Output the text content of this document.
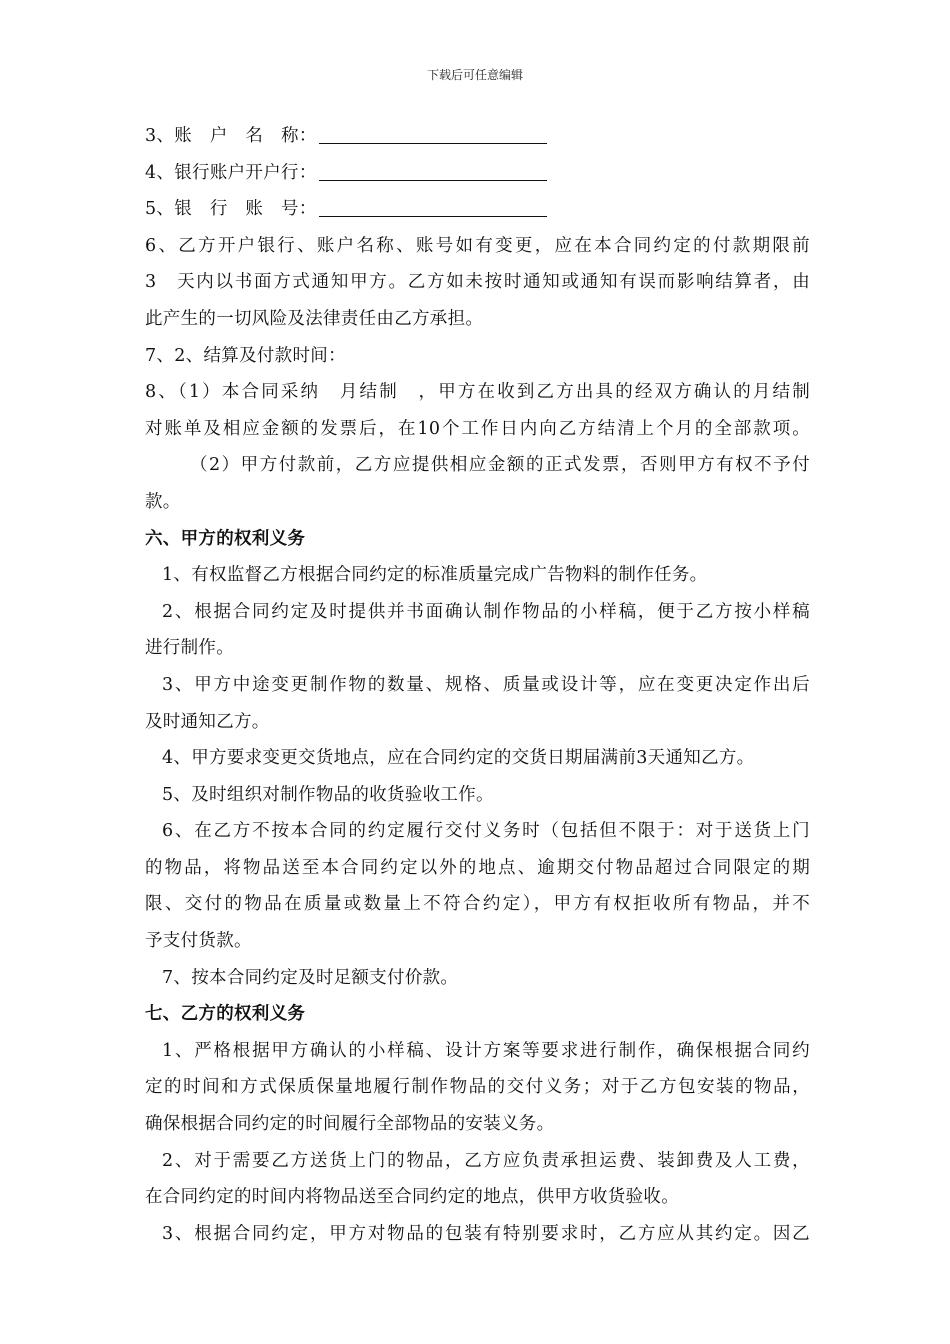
下载后可任意编辑
3、账　户　名　称：
4、银行账户开户行：
5、银　行　账　号：
6、乙方开户银行、账户名称、账号如有变更，应在本合同约定的付款期限前
3　天内以书面方式通知甲方。乙方如未按时通知或通知有误而影响结算者，由
此产生的一切风险及法律责任由乙方承担。
7、2、结算及付款时间：
8、（1）本合同采纳　月结制　，甲方在收到乙方出具的经双方确认的月结制
对账单及相应金额的发票后，在10个工作日内向乙方结清上个月的全部款项。
（2）甲方付款前，乙方应提供相应金额的正式发票，否则甲方有权不予付
款。
六、甲方的权利义务
1、有权监督乙方根据合同约定的标准质量完成广告物料的制作任务。
2、根据合同约定及时提供并书面确认制作物品的小样稿，便于乙方按小样稿
进行制作。
3、甲方中途变更制作物的数量、规格、质量或设计等，应在变更决定作出后
及时通知乙方。
4、甲方要求变更交货地点，应在合同约定的交货日期届满前3天通知乙方。
5、及时组织对制作物品的收货验收工作。
6、在乙方不按本合同的约定履行交付义务时（包括但不限于：对于送货上门
的物品，将物品送至本合同约定以外的地点、逾期交付物品超过合同限定的期
限、交付的物品在质量或数量上不符合约定），甲方有权拒收所有物品，并不
予支付货款。
7、按本合同约定及时足额支付价款。
七、乙方的权利义务
1、严格根据甲方确认的小样稿、设计方案等要求进行制作，确保根据合同约
定的时间和方式保质保量地履行制作物品的交付义务；对于乙方包安装的物品，
确保根据合同约定的时间履行全部物品的安装义务。
2、对于需要乙方送货上门的物品，乙方应负责承担运费、装卸费及人工费，
在合同约定的时间内将物品送至合同约定的地点，供甲方收货验收。
3、根据合同约定，甲方对物品的包装有特别要求时，乙方应从其约定。因乙
